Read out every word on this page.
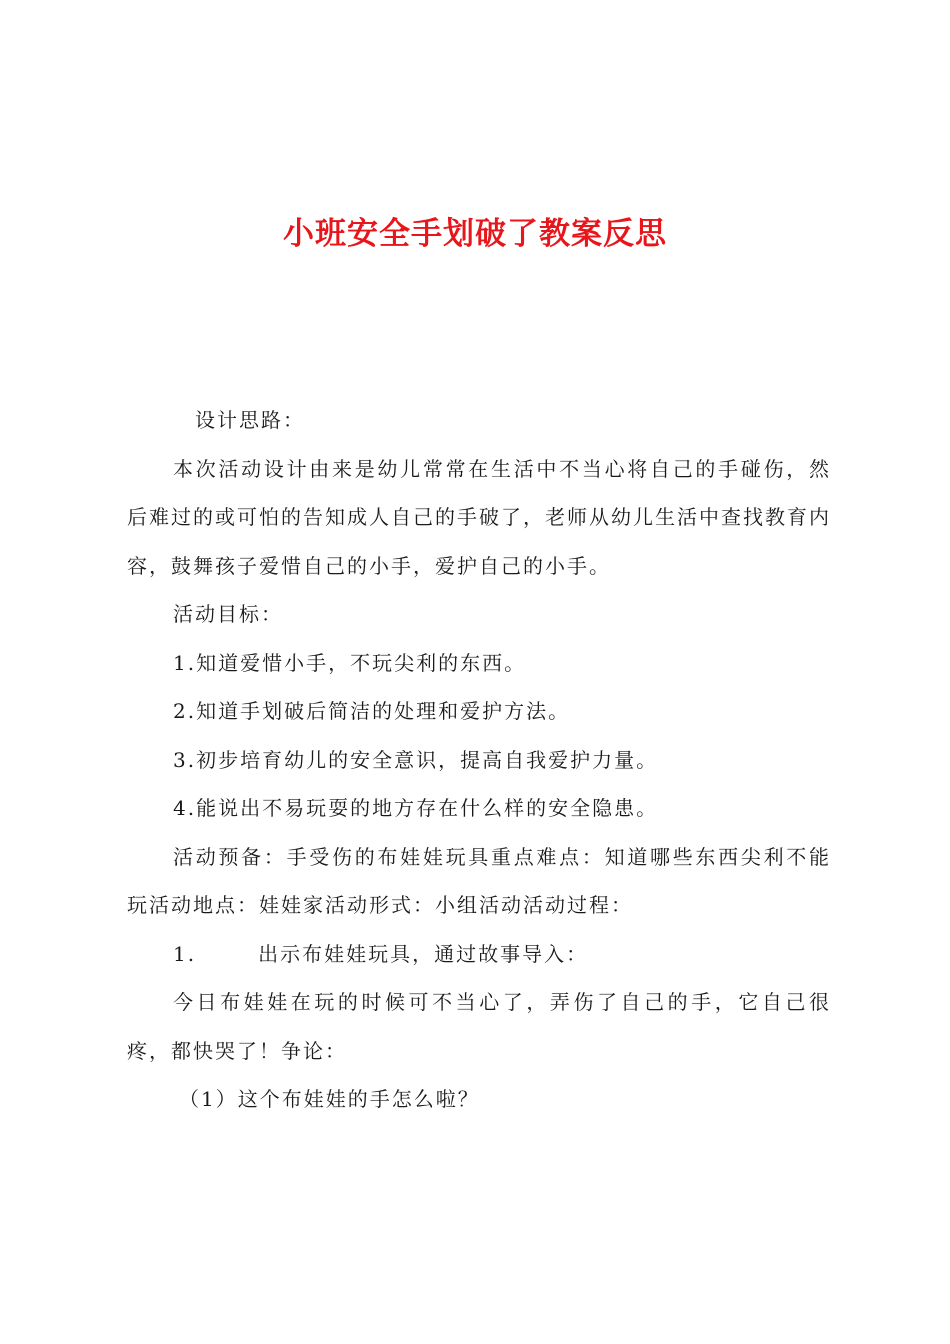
小班安全手划破了教案反思

设计思路：

本次活动设计由来是幼儿常常在生活中不当心将自己的手碰伤，然后难过的或可怕的告知成人自己的手破了，老师从幼儿生活中查找教育内容，鼓舞孩子爱惜自己的小手，爱护自己的小手。

活动目标：

1.知道爱惜小手，不玩尖利的东西。

2.知道手划破后简洁的处理和爱护方法。

3.初步培育幼儿的安全意识，提高自我爱护力量。

4.能说出不易玩耍的地方存在什么样的安全隐患。

活动预备：手受伤的布娃娃玩具重点难点：知道哪些东西尖利不能玩活动地点：娃娃家活动形式：小组活动活动过程：

1.	出示布娃娃玩具，通过故事导入：

今日布娃娃在玩的时候可不当心了，弄伤了自己的手，它自己很疼，都快哭了！争论：

（1）这个布娃娃的手怎么啦？
